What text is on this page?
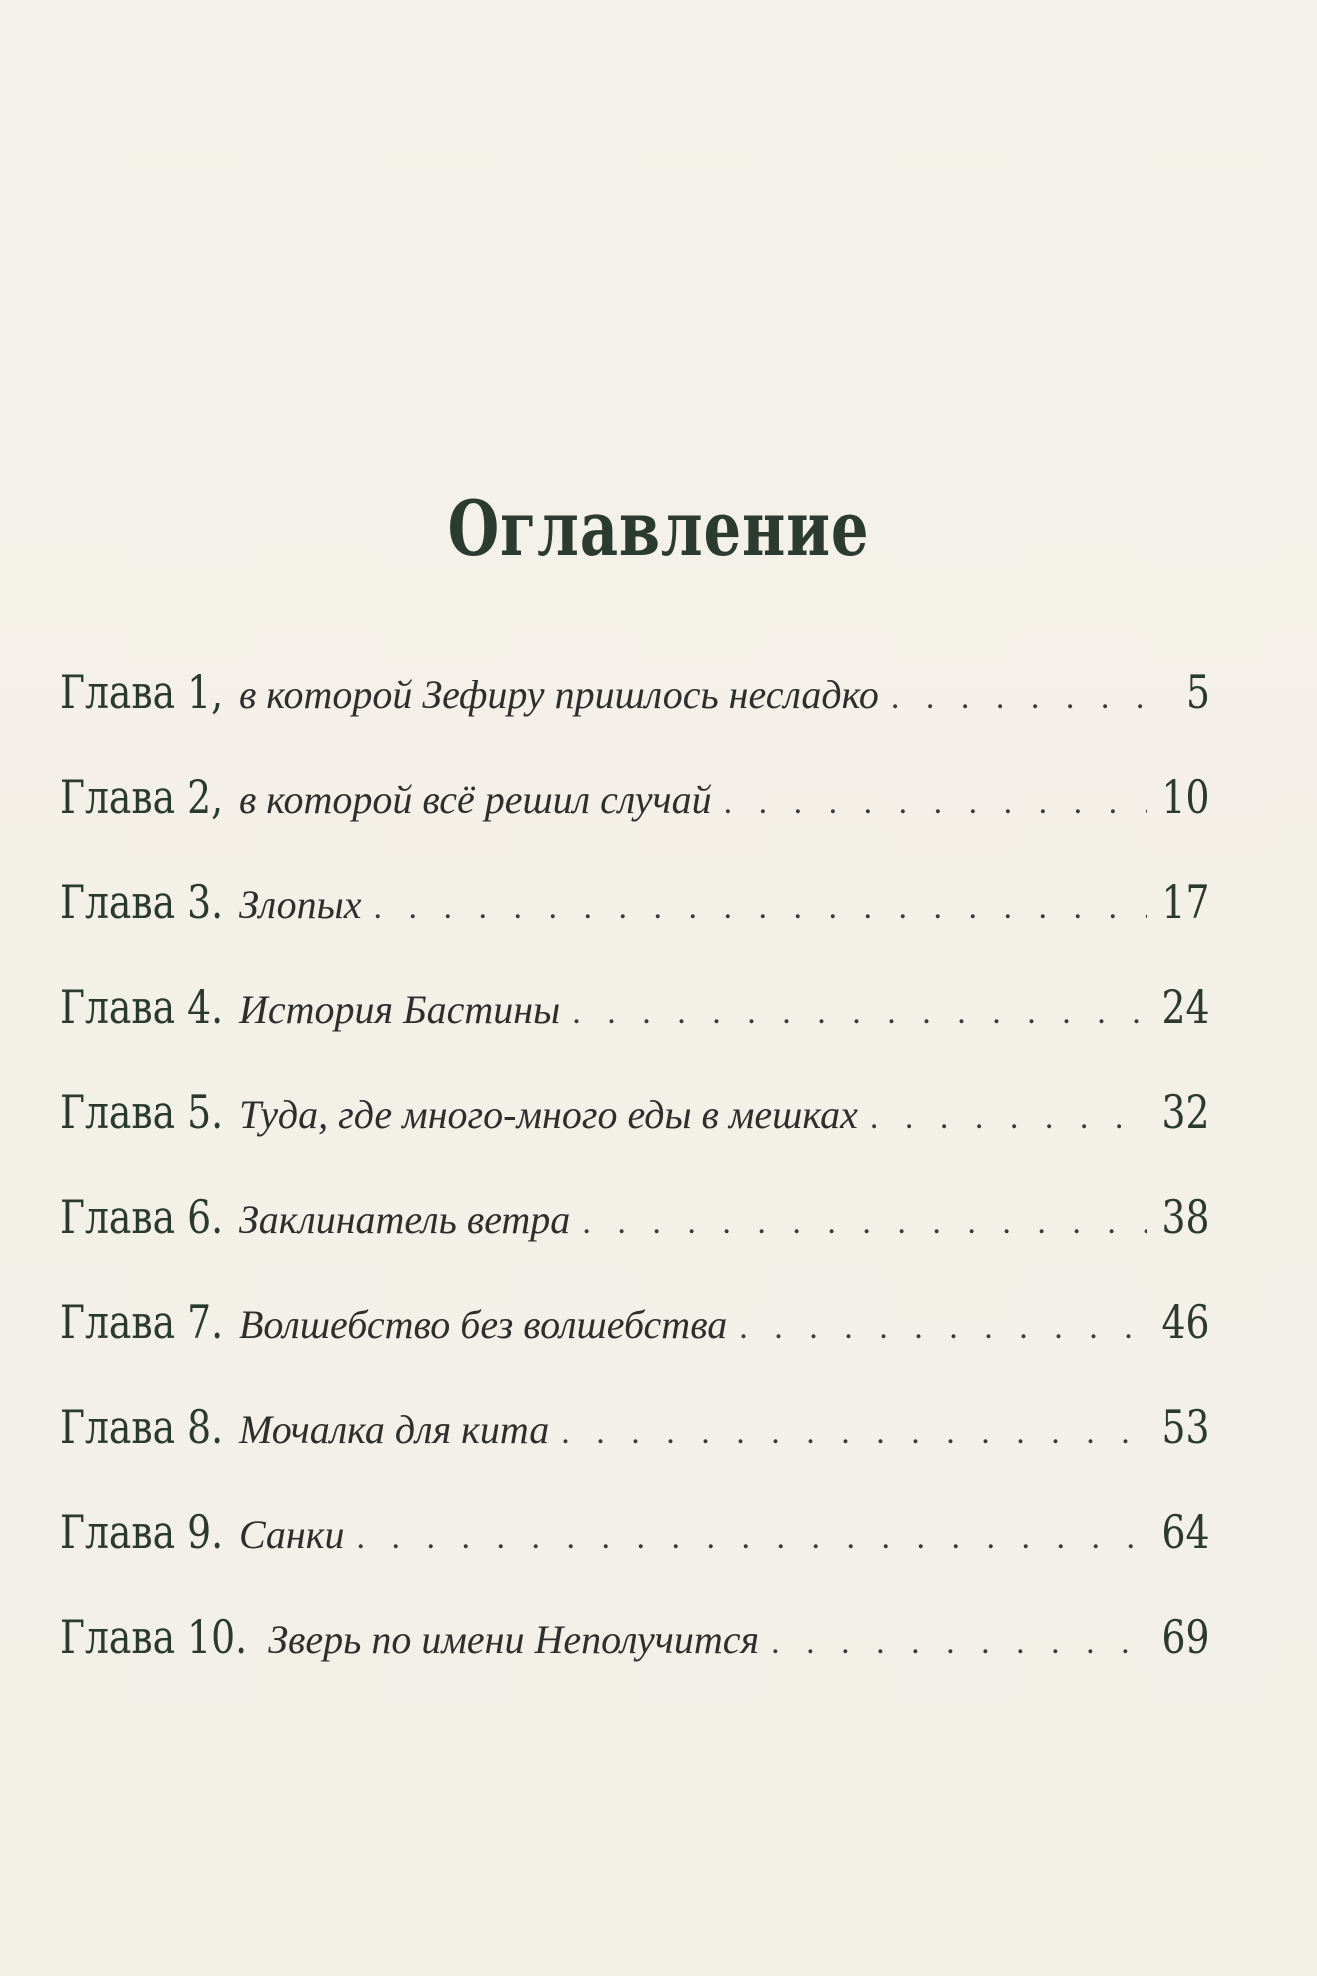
Оглавление
Глава 1, в которой Зефиру пришлось несладко . . .	5
Глава 2, в которой всё решил случай . . .	10
Глава 3. Злопых . . .	17
Глава 4. История Бастины . . .	24
Глава 5. Туда, где много-много еды в мешках . . .	32
Глава 6. Заклинатель ветра . . .	38
Глава 7. Волшебство без волшебства . . .	46
Глава 8. Мочалка для кита . . .	53
Глава 9. Санки . . .	64
Глава 10. Зверь по имени Неполучится . . .	69
